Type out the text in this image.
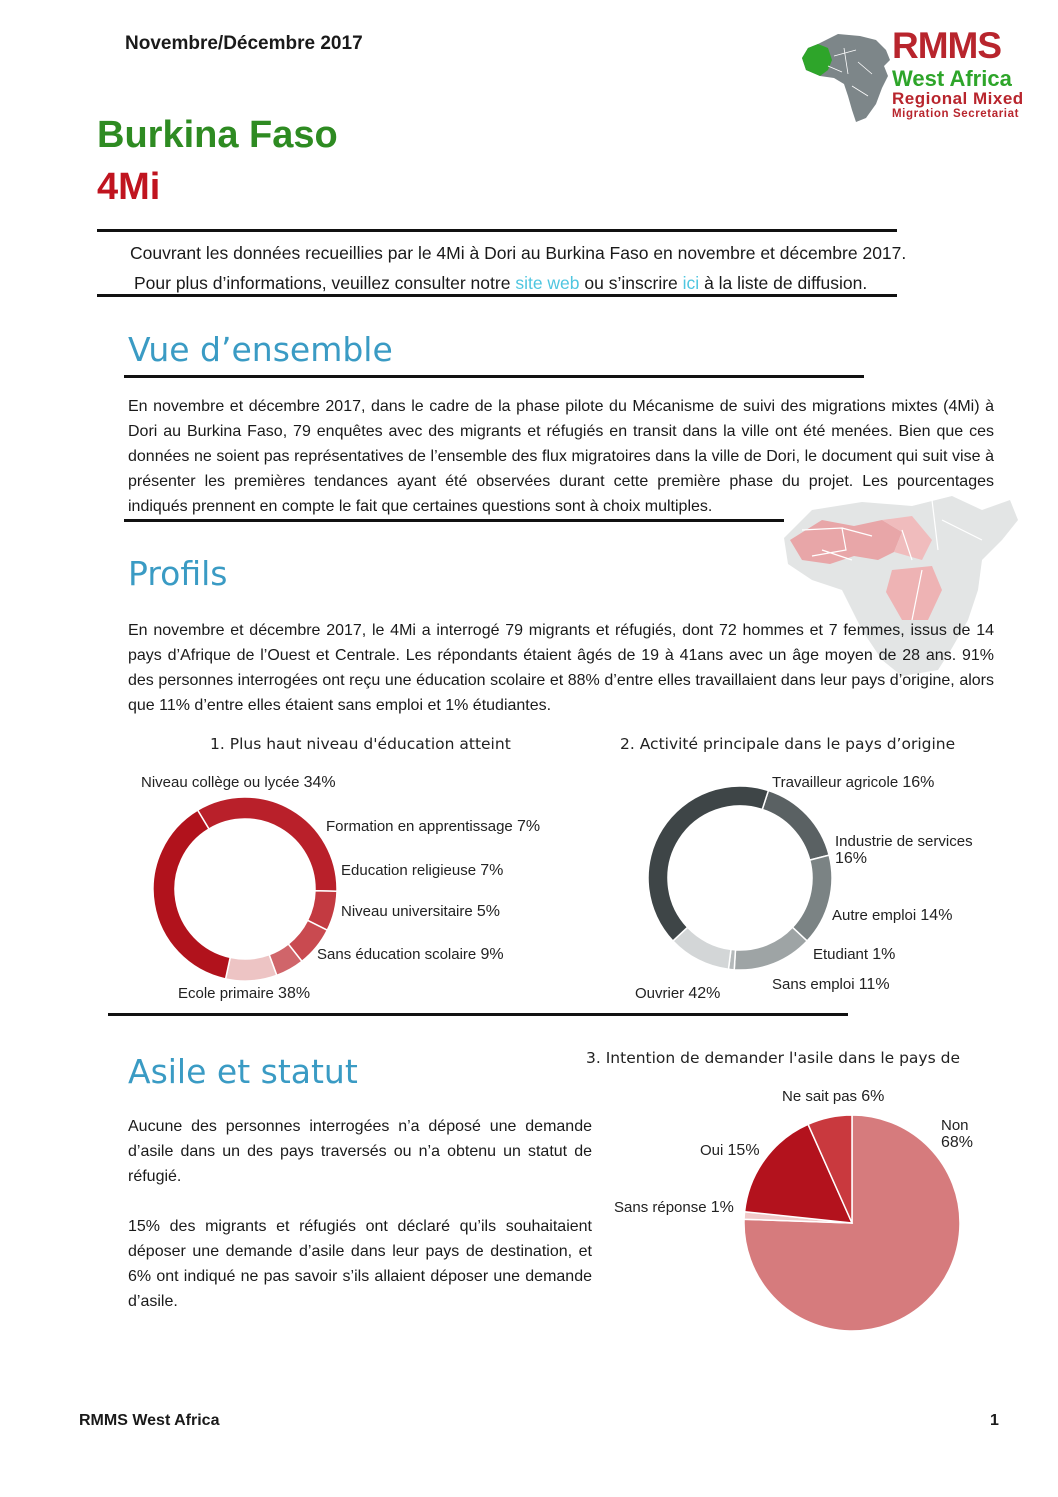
Novembre/Décembre 2017	RMMS
West Africa
Regional Mixed
Migration Secretariat
Burkina Faso
4Mi
Couvrant les données recueillies par le 4Mi à Dori au Burkina Faso en novembre et décembre 2017.
Pour plus d’informations, veuillez consulter notre site web ou s’inscrire ici à la liste de diffusion.
Vue d’ensemble
En novembre et décembre 2017, dans le cadre de la phase pilote du Mécanisme de suivi des migrations mixtes (4Mi) à Dori au Burkina Faso, 79 enquêtes avec des migrants et réfugiés en transit dans la ville ont été menées. Bien que ces données ne soient pas représentatives de l’ensemble des flux migratoires dans la ville de Dori, le document qui suit vise à présenter les premières tendances ayant été observées durant cette première phase du projet. Les pourcentages indiqués prennent en compte le fait que certaines questions sont à choix multiples.
Profils
En novembre et décembre 2017, le 4Mi a interrogé 79 migrants et réfugiés, dont 72 hommes et 7 femmes, issus de 14 pays d’Afrique de l’Ouest et Centrale. Les répondants étaient âgés de 19 à 41ans avec un âge moyen de 28 ans. 91% des personnes interrogées ont reçu une éducation scolaire et 88% d’entre elles travaillaient dans leur pays d’origine, alors que 11% d’entre elles étaient sans emploi et 1% étudiantes.
1. Plus haut niveau d'éducation atteint
Niveau collège ou lycée 34%
Formation en apprentissage 7%
Education religieuse 7%
Niveau universitaire 5%
Sans éducation scolaire 9%
Ecole primaire 38%
2. Activité principale dans le pays d’origine
Travailleur agricole 16%
Industrie de services
16%
Autre emploi 14%
Etudiant 1%
Sans emploi 11%
Ouvrier 42%
Asile et statut
Aucune des personnes interrogées n’a déposé une demande d’asile dans un des pays traversés ou n’a obtenu un statut de réfugié.
15% des migrants et réfugiés ont déclaré qu’ils souhaitaient déposer une demande d’asile dans leur pays de destination, et 6% ont indiqué ne pas savoir s’ils allaient déposer une demande d’asile.
3. Intention de demander l'asile dans le pays de
Non
68%
Sans réponse 1%
Oui 15%
Ne sait pas 6%
RMMS West Africa	1
